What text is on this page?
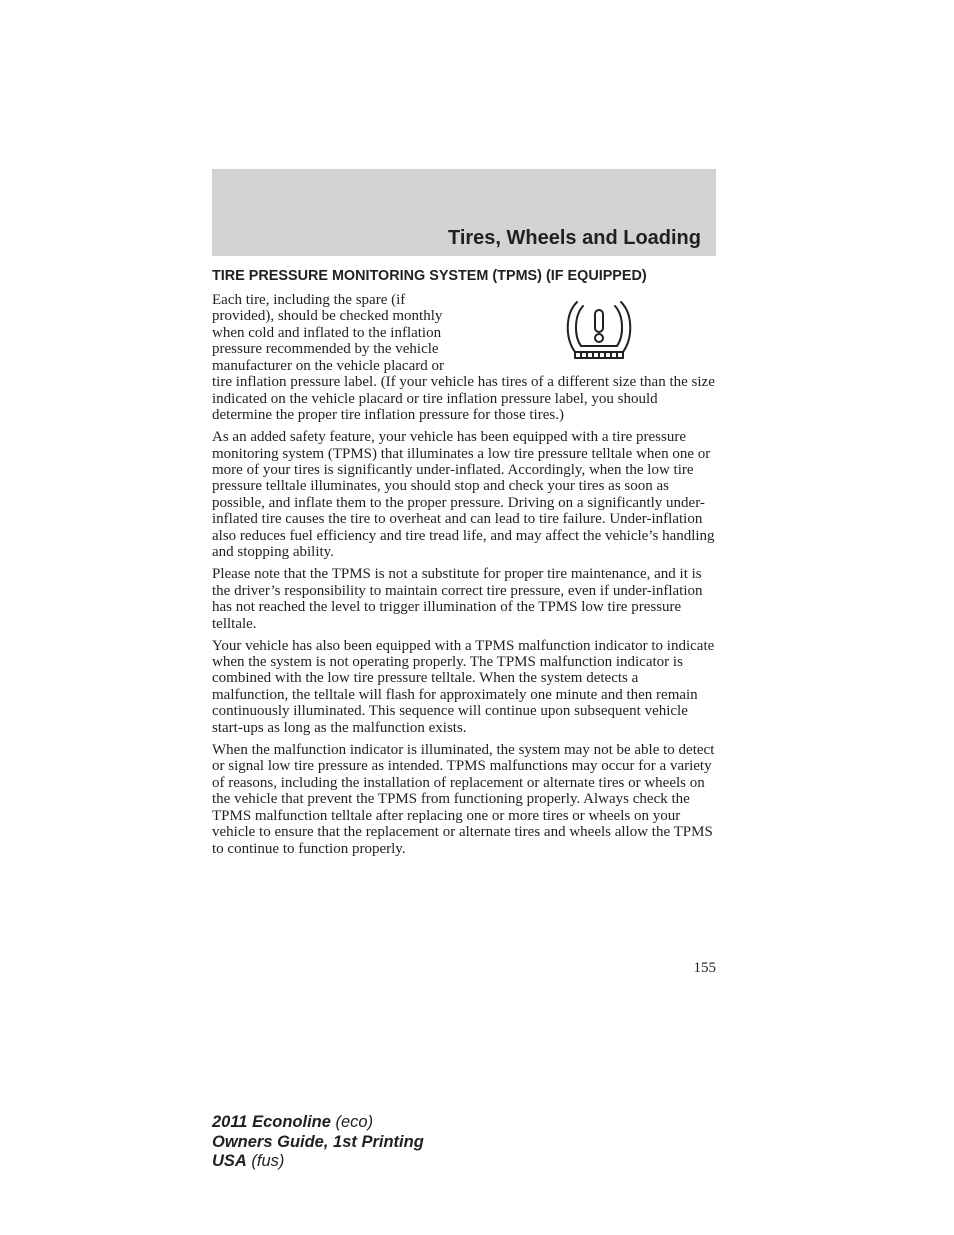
Tires, Wheels and Loading
TIRE PRESSURE MONITORING SYSTEM (TPMS) (IF EQUIPPED)

Each tire, including the spare (if provided), should be checked monthly when cold and inflated to the inflation pressure recommended by the vehicle manufacturer on the vehicle placard or tire inflation pressure label. (If your vehicle has tires of a different size than the size indicated on the vehicle placard or tire inflation pressure label, you should determine the proper tire inflation pressure for those tires.)

As an added safety feature, your vehicle has been equipped with a tire pressure monitoring system (TPMS) that illuminates a low tire pressure telltale when one or more of your tires is significantly under-inflated. Accordingly, when the low tire pressure telltale illuminates, you should stop and check your tires as soon as possible, and inflate them to the proper pressure. Driving on a significantly under-inflated tire causes the tire to overheat and can lead to tire failure. Under-inflation also reduces fuel efficiency and tire tread life, and may affect the vehicle’s handling and stopping ability.

Please note that the TPMS is not a substitute for proper tire maintenance, and it is the driver’s responsibility to maintain correct tire pressure, even if under-inflation has not reached the level to trigger illumination of the TPMS low tire pressure telltale.

Your vehicle has also been equipped with a TPMS malfunction indicator to indicate when the system is not operating properly. The TPMS malfunction indicator is combined with the low tire pressure telltale. When the system detects a malfunction, the telltale will flash for approximately one minute and then remain continuously illuminated. This sequence will continue upon subsequent vehicle start-ups as long as the malfunction exists.

When the malfunction indicator is illuminated, the system may not be able to detect or signal low tire pressure as intended. TPMS malfunctions may occur for a variety of reasons, including the installation of replacement or alternate tires or wheels on the vehicle that prevent the TPMS from functioning properly. Always check the TPMS malfunction telltale after replacing one or more tires or wheels on your vehicle to ensure that the replacement or alternate tires and wheels allow the TPMS to continue to function properly.

155
2011 Econoline (eco)
Owners Guide, 1st Printing
USA (fus)
